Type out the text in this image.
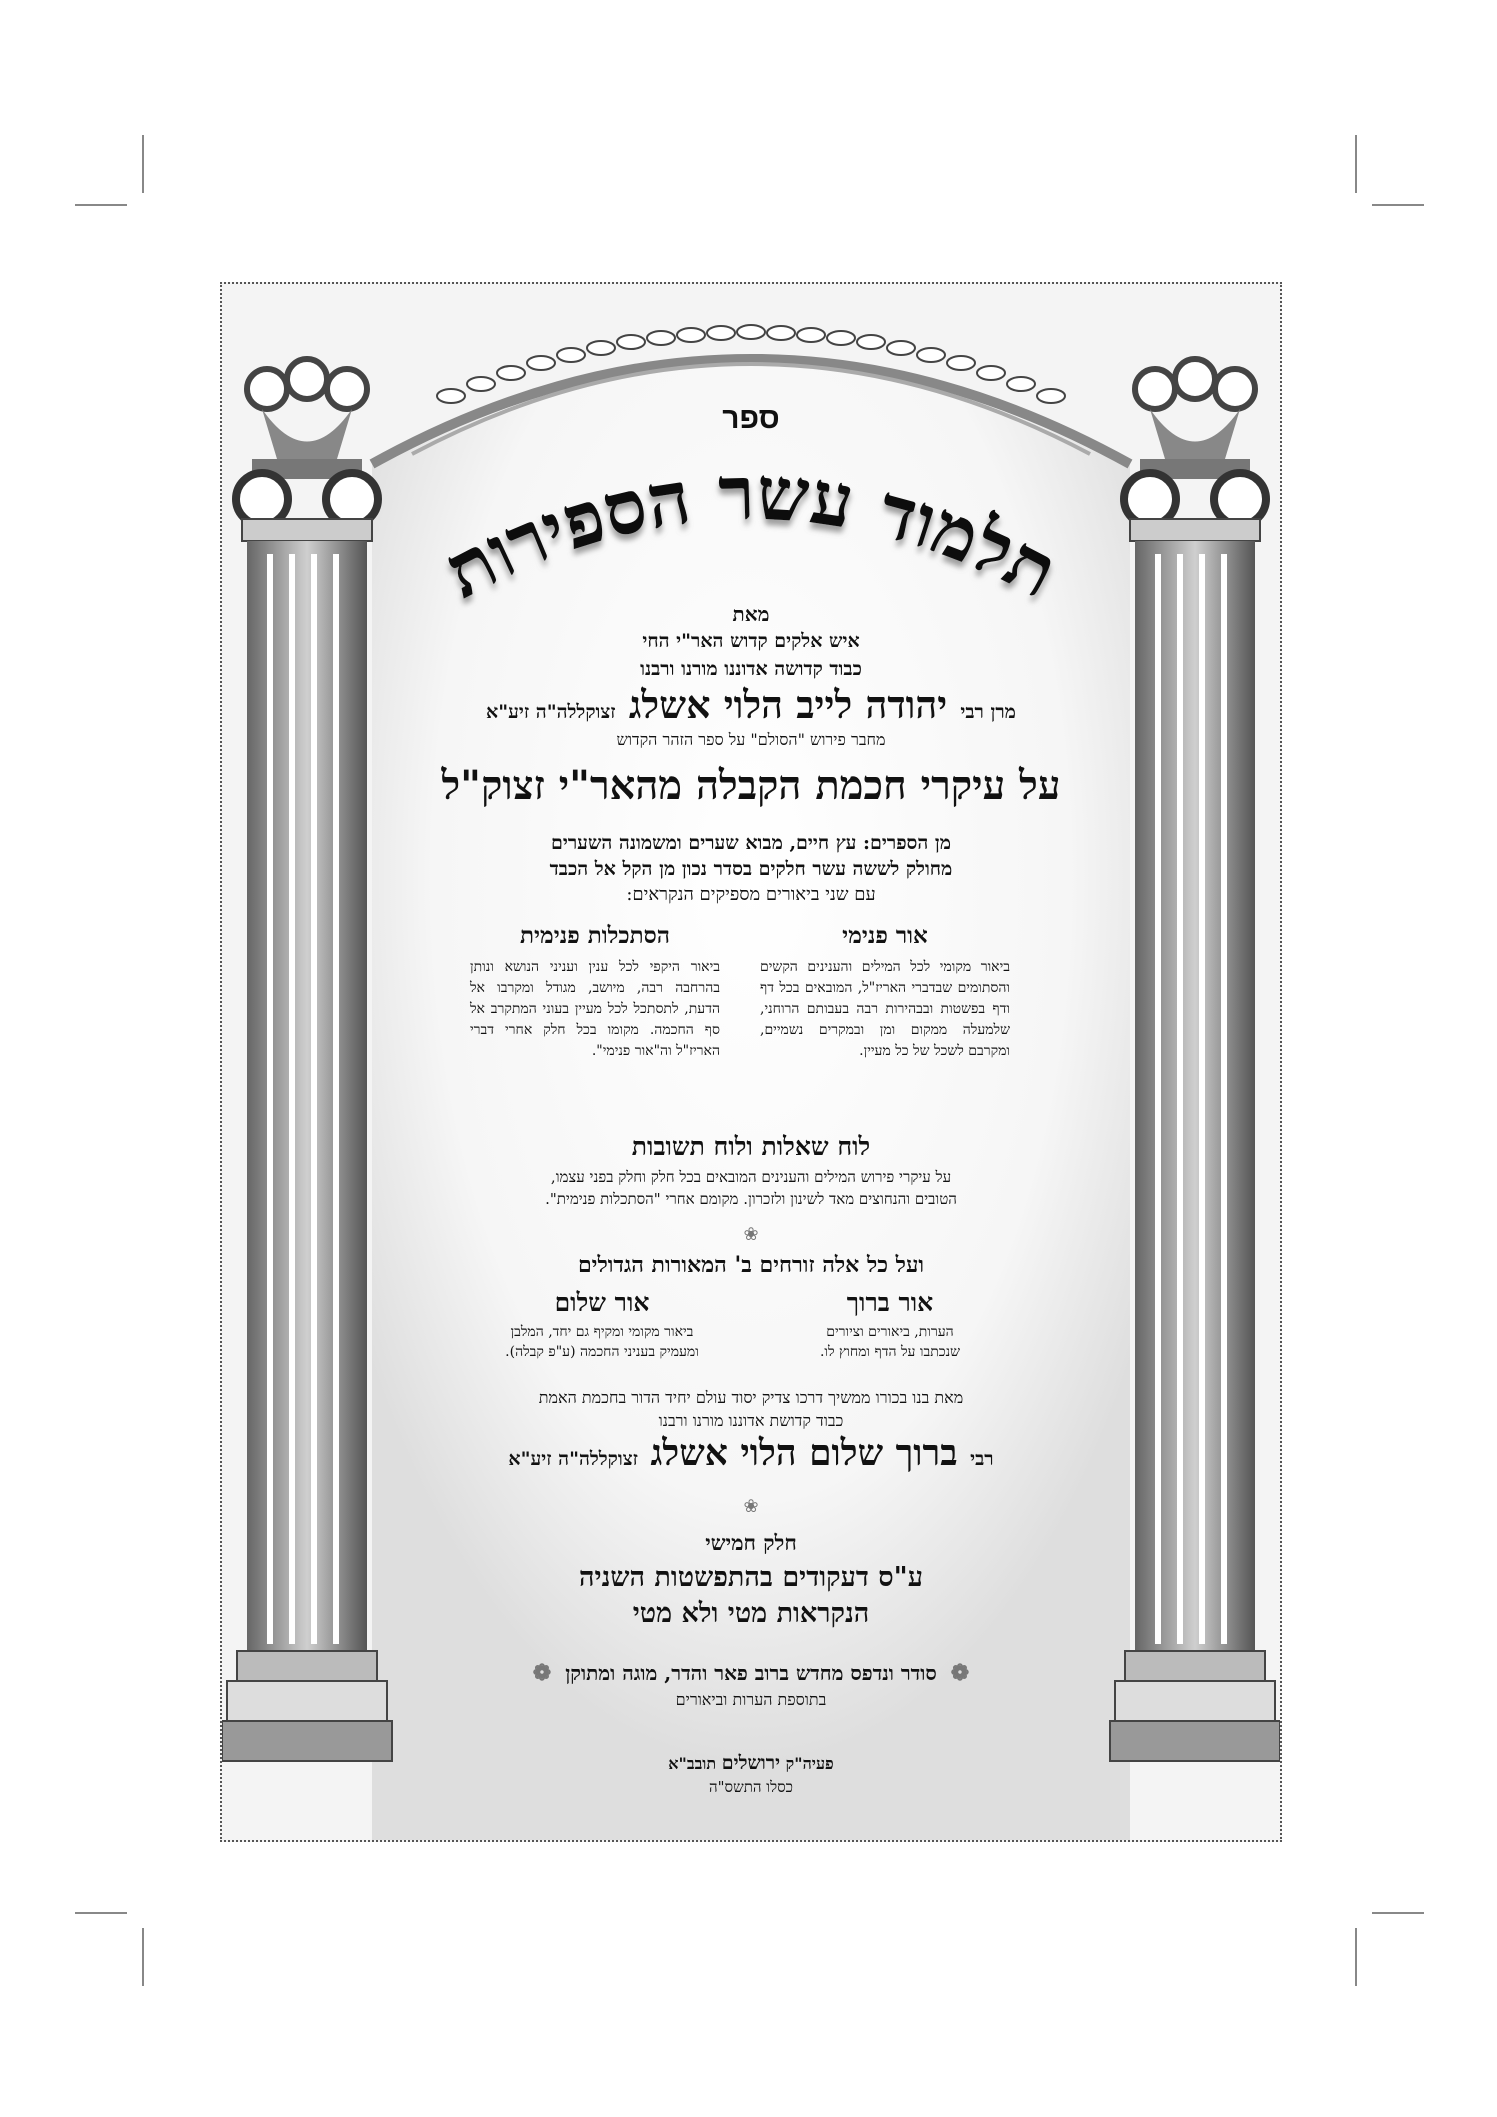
ספר
תלמוד עשר הספירות
מאת
איש אלקים קדוש האר"י החי
כבוד קדושה אדוננו מורנו ורבנו
מרן רבי יהודה לייב הלוי אשלג זצוקללה"ה זיע"א
מחבר פירוש "הסולם" על ספר הזהר הקדוש
על עיקרי חכמת הקבלה מהאר"י זצוק"ל
מן הספרים: עץ חיים, מבוא שערים ומשמונה השערים
מחולק לששה עשר חלקים בסדר נכון מן הקל אל הכבד
עם שני ביאורים מספיקים הנקראים:
אור פנימי

ביאור מקומי לכל המילים והענינים הקשים והסתומים שבדברי האריז"ל, המובאים בכל דף ודף בפשטות ובבהירות רבה בעבותם הרוחני, שלמעלה ממקום ומן ובמקרים נשמיים, ומקרבם לשכל של כל מעיין.

הסתכלות פנימית

ביאור היקפי לכל ענין ועניני הנושא ונותן בהרחבה רבה, מיושב, מגודל ומקרבו אל הדעת, לתסתכל לכל מעיין בעוני המתקרב אל סף החכמה. מקומו בכל חלק אחרי דברי האריז"ל וה"אור פנימי".

לוח שאלות ולוח תשובות
על עיקרי פירוש המילים והענינים המובאים בכל חלק וחלק בפני עצמו,
הטובים והנחוצים מאד לשינון ולזכרון. מקומם אחרי "הסתכלות פנימית".
❀
ועל כל אלה זורחים ב' המאורות הגדולים
אור ברוך

הערות, ביאורים וציורים

שנכתבו על הדף ומחוץ לו.

אור שלום

ביאור מקומי ומקיף גם יחד, המלבן

ומעמיק בעניני החכמה (ע"פ קבלה).

מאת בנו בכורו ממשיך דרכו צדיק יסוד עולם יחיד הדור בחכמת האמת
כבוד קדושת אדוננו מורנו ורבנו
רבי ברוך שלום הלוי אשלג זצוקללה"ה זיע"א
❀
חלק חמישי
ע"ס דעקודים בהתפשטות השניה
הנקראות מטי ולא מטי
❁סודר ונדפס מחדש ברוב פאר והדר, מוגה ומתוקן❁
בתוספת הערות וביאורים
פעיה"ק ירושלים תובב"א
כסלו התשס"ה
